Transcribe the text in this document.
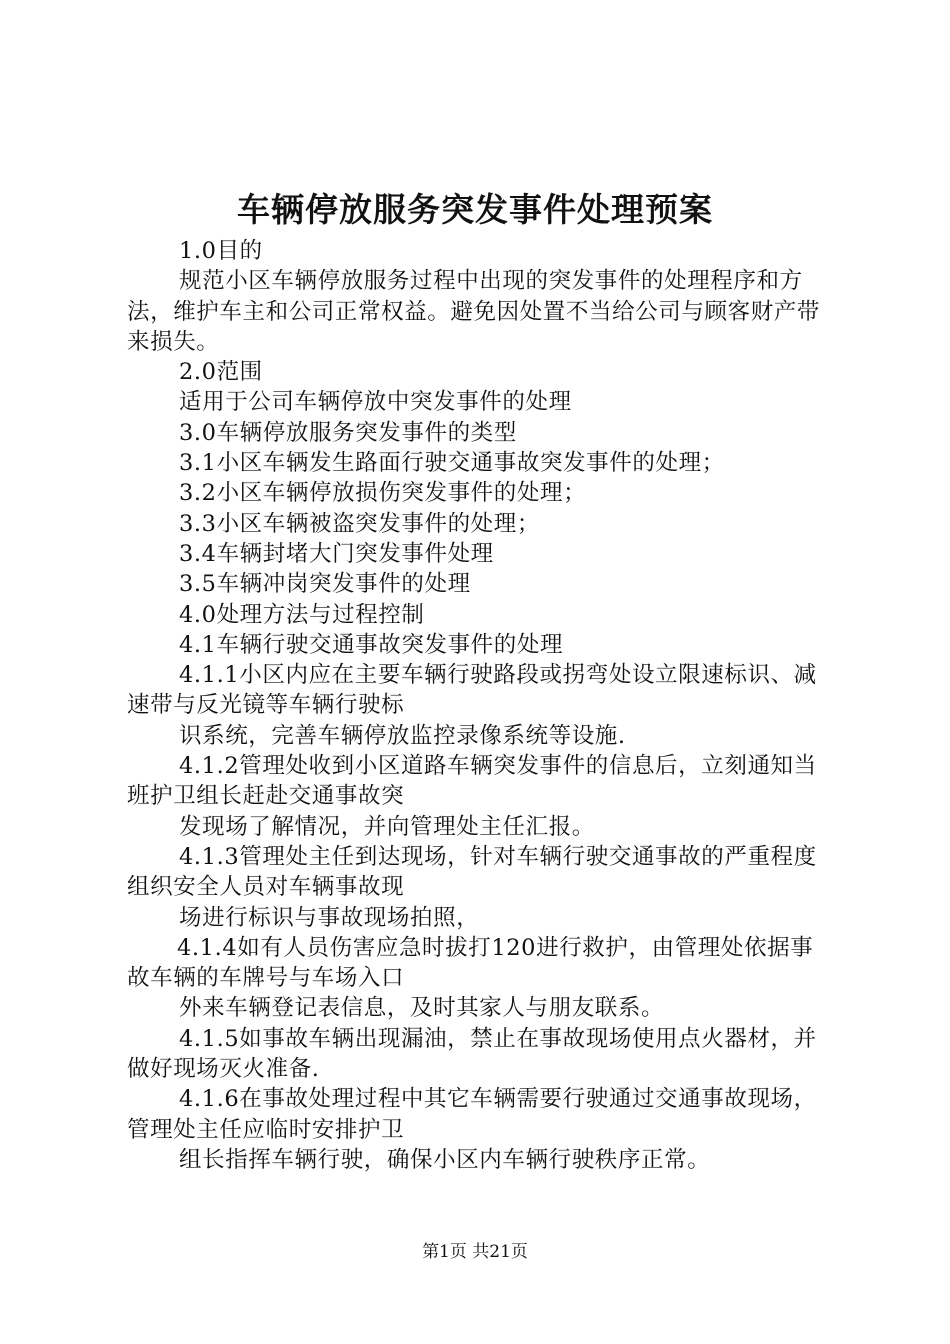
车辆停放服务突发事件处理预案

1.0目的

规范小区车辆停放服务过程中出现的突发事件的处理程序和方法，维护车主和公司正常权益。避免因处置不当给公司与顾客财产带来损失。

2.0范围

适用于公司车辆停放中突发事件的处理

3.0车辆停放服务突发事件的类型

3.1小区车辆发生路面行驶交通事故突发事件的处理；

3.2小区车辆停放损伤突发事件的处理；

3.3小区车辆被盗突发事件的处理；

3.4车辆封堵大门突发事件处理

3.5车辆冲岗突发事件的处理

4.0处理方法与过程控制

4.1车辆行驶交通事故突发事件的处理

4.1.1小区内应在主要车辆行驶路段或拐弯处设立限速标识、减速带与反光镜等车辆行驶标

识系统，完善车辆停放监控录像系统等设施.

4.1.2管理处收到小区道路车辆突发事件的信息后，立刻通知当班护卫组长赶赴交通事故突

发现场了解情况，并向管理处主任汇报。

4.1.3管理处主任到达现场，针对车辆行驶交通事故的严重程度组织安全人员对车辆事故现

场进行标识与事故现场拍照，

4.1.4如有人员伤害应急时拔打120进行救护，由管理处依据事故车辆的车牌号与车场入口

外来车辆登记表信息，及时其家人与朋友联系。

4.1.5如事故车辆出现漏油，禁止在事故现场使用点火器材，并做好现场灭火准备.

4.1.6在事故处理过程中其它车辆需要行驶通过交通事故现场，管理处主任应临时安排护卫

组长指挥车辆行驶，确保小区内车辆行驶秩序正常。

第1页 共21页
